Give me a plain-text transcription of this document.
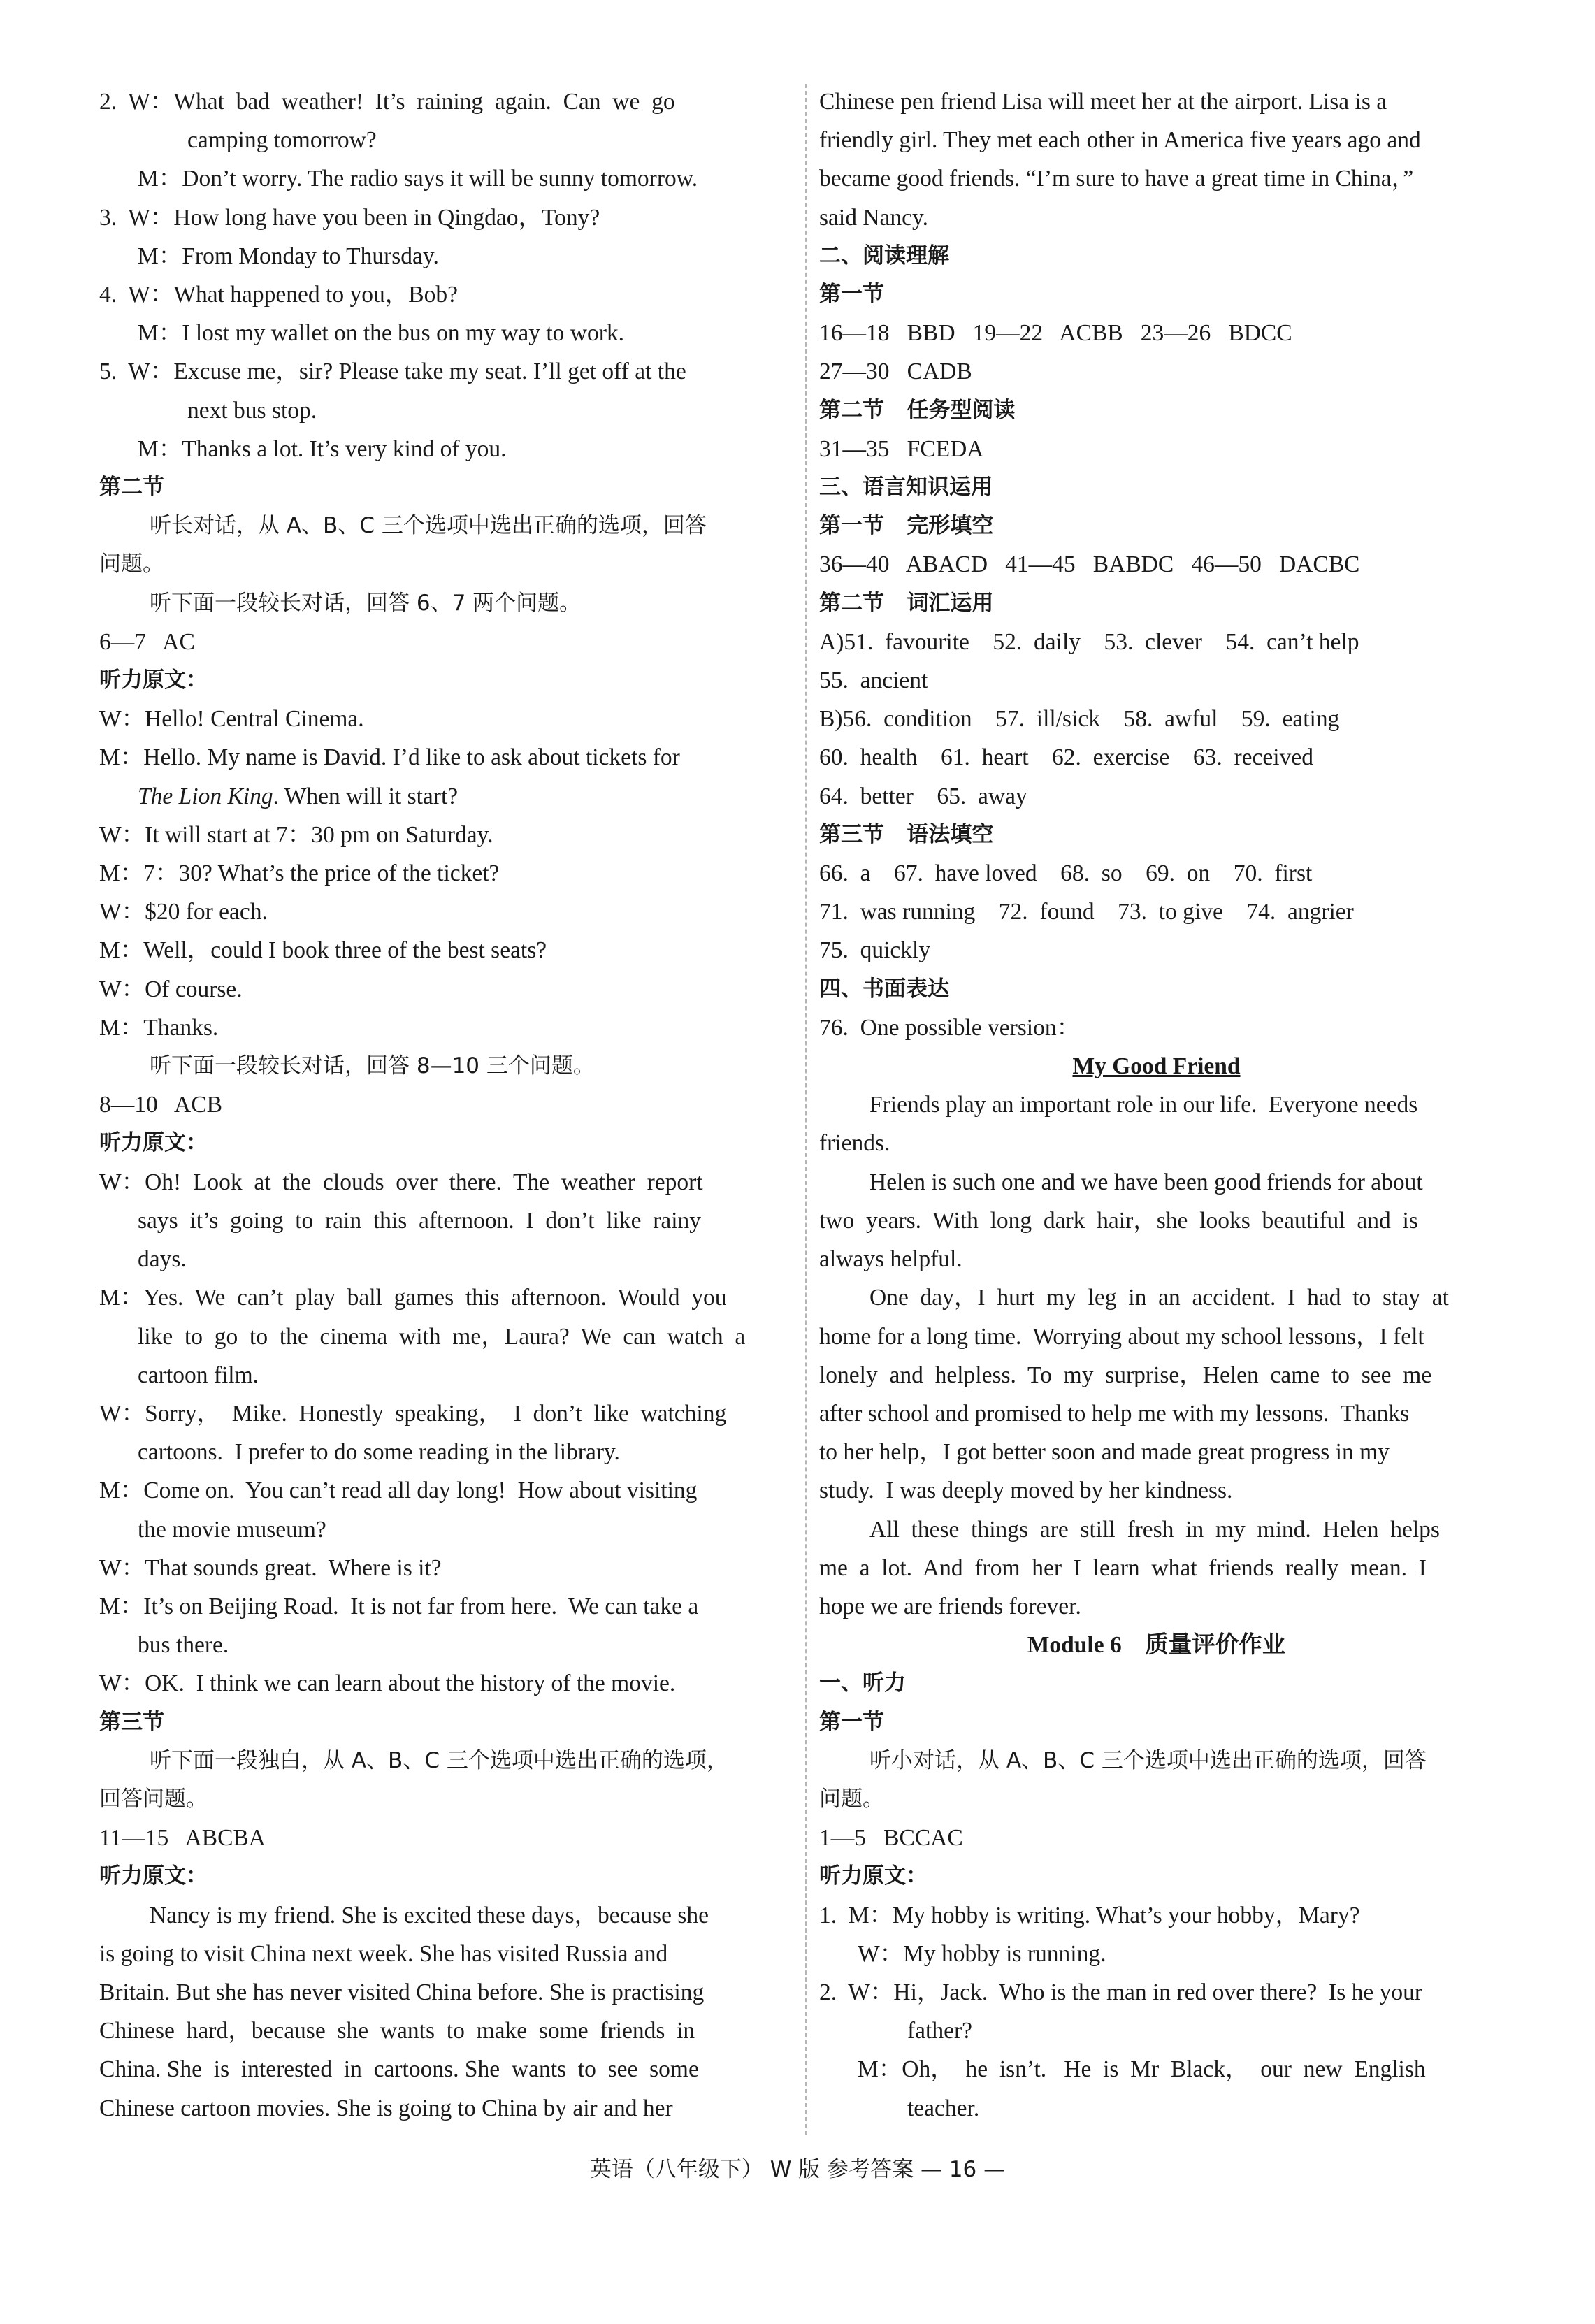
2.  W：What  bad  weather!  It’s  raining  again.  Can  we  go

camping tomorrow?

M：Don’t worry. The radio says it will be sunny tomorrow.

3.  W：How long have you been in Qingdao，Tony?

M：From Monday to Thursday.

4.  W：What happened to you，Bob?

M：I lost my wallet on the bus on my way to work.

5.  W：Excuse me，sir? Please take my seat. I’ll get off at the

next bus stop.

M：Thanks a lot. It’s very kind of you.

第二节

听长对话，从 A、B、C 三个选项中选出正确的选项，回答

问题。

听下面一段较长对话，回答 6、7 两个问题。

6—7   AC

听力原文：

W：Hello! Central Cinema.

M：Hello. My name is David. I’d like to ask about tickets for

The Lion King. When will it start?

W：It will start at 7：30 pm on Saturday.

M：7：30? What’s the price of the ticket?

W：$20 for each.

M：Well，could I book three of the best seats?

W：Of course.

M：Thanks.

听下面一段较长对话，回答 8—10 三个问题。

8—10   ACB

听力原文：

W：Oh!  Look  at  the  clouds  over  there.  The  weather  report

says  it’s  going  to  rain  this  afternoon.  I  don’t  like  rainy

days.

M：Yes.  We  can’t  play  ball  games  this  afternoon.  Would  you

like  to  go  to  the  cinema  with  me，Laura?  We  can  watch  a

cartoon film.

W：Sorry，  Mike.  Honestly  speaking，  I  don’t  like  watching

cartoons.  I prefer to do some reading in the library.

M：Come on.  You can’t read all day long!  How about visiting

the movie museum?

W：That sounds great.  Where is it?

M：It’s on Beijing Road.  It is not far from here.  We can take a

bus there.

W：OK.  I think we can learn about the history of the movie.

第三节

听下面一段独白，从 A、B、C 三个选项中选出正确的选项，

回答问题。

11—15   ABCBA

听力原文：

Nancy is my friend. She is excited these days，because she

is going to visit China next week. She has visited Russia and

Britain. But she has never visited China before. She is practising

Chinese  hard，because  she  wants  to  make  some  friends  in

China. She  is  interested  in  cartoons. She  wants  to  see  some

Chinese cartoon movies. She is going to China by air and her

Chinese pen friend Lisa will meet her at the airport. Lisa is a

friendly girl. They met each other in America five years ago and

became good friends. “I’m sure to have a great time in China，”

said Nancy.

二、阅读理解

第一节

16—18   BBD   19—22   ACBB   23—26   BDCC

27—30   CADB

第二节   任务型阅读

31—35   FCEDA

三、语言知识运用

第一节   完形填空

36—40   ABACD   41—45   BABDC   46—50   DACBC

第二节   词汇运用

A)51.  favourite    52.  daily    53.  clever    54.  can’t help

55.  ancient

B)56.  condition    57.  ill/sick    58.  awful    59.  eating

60.  health    61.  heart    62.  exercise    63.  received

64.  better    65.  away

第三节   语法填空

66.  a    67.  have loved    68.  so    69.  on    70.  first

71.  was running    72.  found    73.  to give    74.  angrier

75.  quickly

四、书面表达

76.  One possible version：

My Good Friend

Friends play an important role in our life.  Everyone needs

friends.

Helen is such one and we have been good friends for about

two  years.  With  long  dark  hair，she  looks  beautiful  and  is

always helpful.

One  day，I  hurt  my  leg  in  an  accident.  I  had  to  stay  at

home for a long time.  Worrying about my school lessons，I felt

lonely  and  helpless.  To  my  surprise，Helen  came  to  see  me

after school and promised to help me with my lessons.  Thanks

to her help，I got better soon and made great progress in my

study.  I was deeply moved by her kindness.

All  these  things  are  still  fresh  in  my  mind.  Helen  helps

me  a  lot.  And  from  her  I  learn  what  friends  really  mean.  I

hope we are friends forever.

Module 6    质量评价作业

一、听力

第一节

听小对话，从 A、B、C 三个选项中选出正确的选项，回答

问题。

1—5   BCCAC

听力原文：

1.  M：My hobby is writing. What’s your hobby，Mary?

W：My hobby is running.

2.  W：Hi，Jack.  Who is the man in red over there?  Is he your

father?

M：Oh，  he  isn’t.   He  is  Mr  Black，  our  new  English

teacher.

英语（八年级下） W 版 参考答案 — 16 —
